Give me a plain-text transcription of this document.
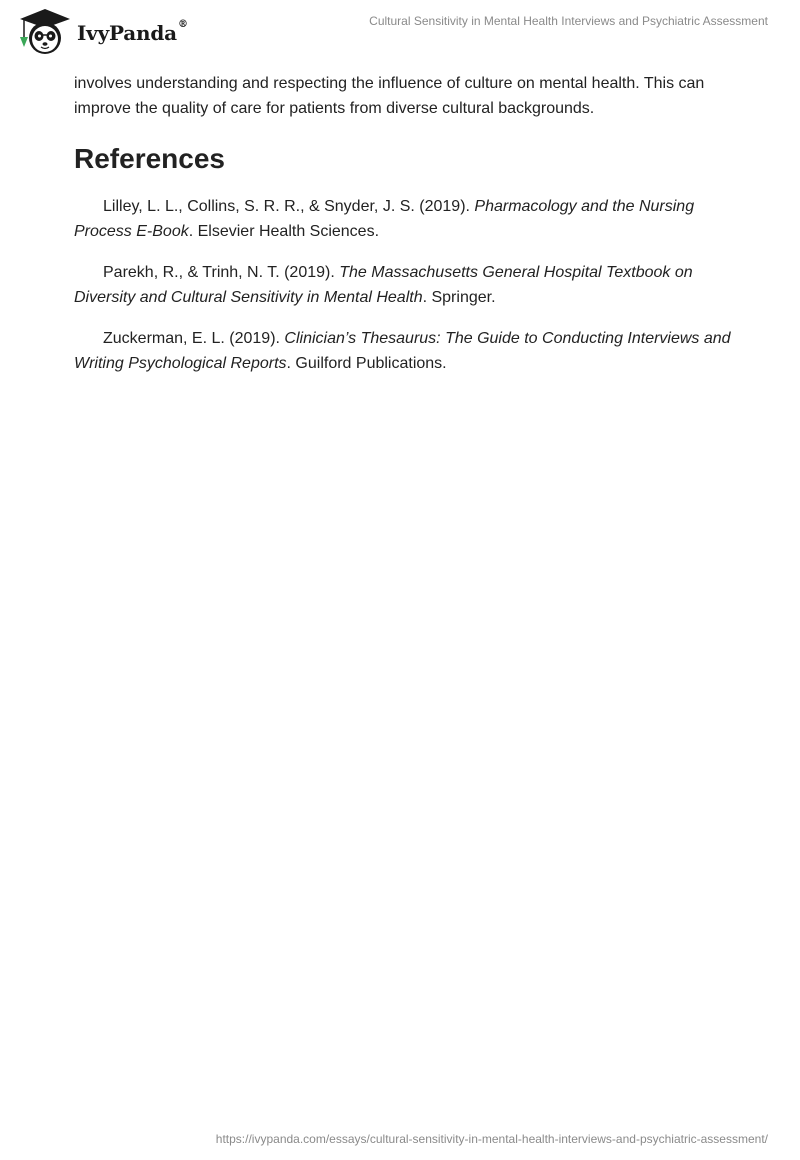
IvyPanda®	Cultural Sensitivity in Mental Health Interviews and Psychiatric Assessment

involves understanding and respecting the influence of culture on mental health. This can improve the quality of care for patients from diverse cultural backgrounds.

References

Lilley, L. L., Collins, S. R. R., & Snyder, J. S. (2019). Pharmacology and the Nursing Process E-Book. Elsevier Health Sciences.

Parekh, R., & Trinh, N. T. (2019). The Massachusetts General Hospital Textbook on Diversity and Cultural Sensitivity in Mental Health. Springer.

Zuckerman, E. L. (2019). Clinician’s Thesaurus: The Guide to Conducting Interviews and Writing Psychological Reports. Guilford Publications.

https://ivypanda.com/essays/cultural-sensitivity-in-mental-health-interviews-and-psychiatric-assessment/
